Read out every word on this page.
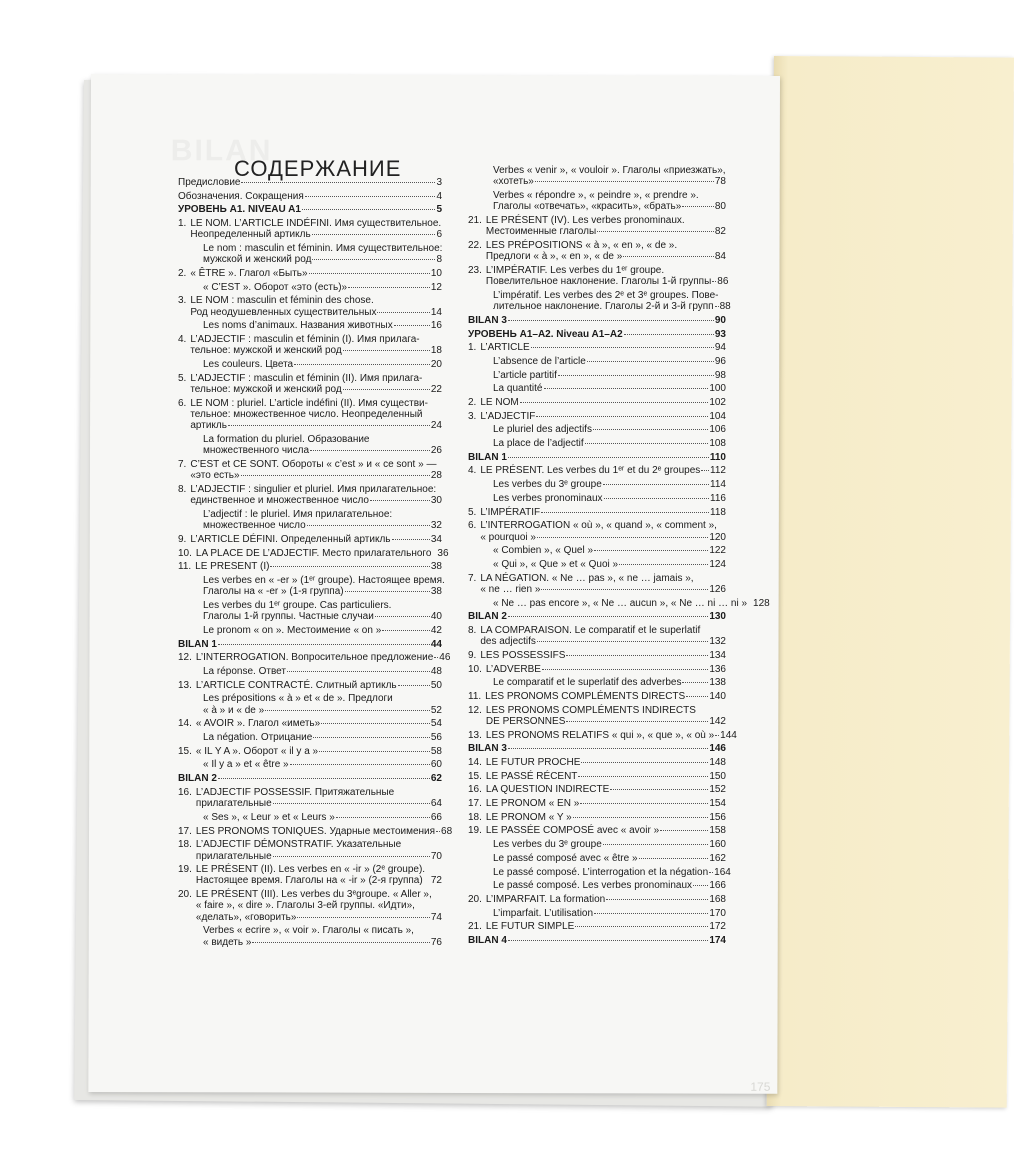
BILAN
175
СОДЕРЖАНИЕ
Предисловие	3
Обозначения. Сокращения	4
УРОВЕНЬ А1. NIVEAU A1	5
1. LE NOM. L’ARTICLE INDÉFINI. Имя существительное.
Неопределенный артикль	6
Le nom : masculin et féminin. Имя существительное:
мужской и женский род	8
2. « ÊTRE ». Глагол «Быть»	10
« C’EST ». Оборот «это (есть)»	12
3. LE NOM : masculin et féminin des chose.
Род неодушевленных существительных	14
Les noms d’animaux. Названия животных	16
4. L’ADJECTIF : masculin et féminin (I). Имя прилага-
тельное: мужской и женский род	18
Les couleurs. Цвета	20
5. L’ADJECTIF : masculin et féminin (II). Имя прилага-
тельное: мужской и женский род	22
6. LE NOM : pluriel. L’article indéfini (II). Имя существи-
тельное: множественное число. Неопределенный
артикль	24
La formation du pluriel. Образование
множественного числа	26
7. C’EST et CE SONT. Обороты « c’est » и « ce sont » —
«это есть»	28
8. L’ADJECTIF : singulier et pluriel. Имя прилагательное:
единственное и множественное число	30
L’adjectif : le pluriel. Имя прилагательное:
множественное число	32
9. L’ARTICLE DÉFINI. Определенный артикль	34
10. LA PLACE DE L’ADJECTIF. Место прилагательного 36
11. LE PRESENT (I)	38
Les verbes en « -er » (1ᵉʳ groupe). Настоящее время.
Глаголы на « -er » (1-я группа)	38
Les verbes du 1ᵉʳ groupe. Cas particuliers.
Глаголы 1-й группы. Частные случаи	40
Le pronom « on ». Местоимение « on »	42
BILAN 1	44
12. L’INTERROGATION. Вопросительное предложение 46
La réponse. Ответ	48
13. L’ARTICLE CONTRACTÉ. Слитный артикль	50
Les prépositions « à » et « de ». Предлоги
« à » и « de »	52
14. « AVOIR ». Глагол «иметь»	54
La négation. Отрицание	56
15. « IL Y A ». Оборот « il y a »	58
« Il y a » et « être »	60
BILAN 2	62
16. L’ADJECTIF POSSESSIF. Притяжательные
прилагательные	64
« Ses », « Leur » et « Leurs »	66
17. LES PRONOMS TONIQUES. Ударные местоимения 68
18. L’ADJECTIF DÉMONSTRATIF. Указательные
прилагательные	70
19. LE PRÉSENT (II). Les verbes en « -ir » (2ᵉ groupe).
Настоящее время. Глаголы на « -ir » (2-я группа) 72
20. LE PRÉSENT (III). Les verbes du 3ᵉgroupe. « Aller »,
« faire », « dire ». Глаголы 3-ей группы. «Идти»,
«делать», «говорить»	74
Verbes « ecrire », « voir ». Глаголы « писать »,
« видеть »	76
Verbes « venir », « vouloir ». Глаголы «приезжать»,
«хотеть»	78
Verbes « répondre », « peindre », « prendre ».
Глаголы «отвечать», «красить», «брать»	80
21. LE PRÉSENT (IV). Les verbes pronominaux.
Местоименные глаголы	82
22. LES PRÉPOSITIONS « à », « en », « de ».
Предлоги « à », « en », « de »	84
23. L’IMPÉRATIF. Les verbes du 1ᵉʳ groupe.
Повелительное наклонение. Глаголы 1-й группы 86
L’impératif. Les verbes des 2ᵉ et 3ᵉ groupes. Пове-
лительное наклонение. Глаголы 2-й и 3-й групп 88
BILAN 3	90
УРОВЕНЬ A1–A2. Niveau A1–A2	93
1. L’ARTICLE	94
L’absence de l’article	96
L’article partitif	98
La quantité	100
2. LE NOM	102
3. L’ADJECTIF	104
Le pluriel des adjectifs	106
La place de l’adjectif	108
BILAN 1	110
4. LE PRÉSENT. Les verbes du 1ᵉʳ et du 2ᵉ groupes 112
Les verbes du 3ᵉ groupe	114
Les verbes pronominaux	116
5. L’IMPÉRATIF	118
6. L’INTERROGATION « où », « quand », « comment »,
« pourquoi »	120
« Combien », « Quel »	122
« Qui », « Que » et « Quoi »	124
7. LA NÉGATION. « Ne … pas », « ne … jamais »,
« ne … rien »	126
« Ne … pas encore », « Ne … aucun », « Ne … ni … ni » 128
BILAN 2	130
8. LA COMPARAISON. Le comparatif et le superlatif
des adjectifs	132
9. LES POSSESSIFS	134
10. L’ADVERBE	136
Le comparatif et le superlatif des adverbes	138
11. LES PRONOMS COMPLÉMENTS DIRECTS 140
12. LES PRONOMS COMPLÉMENTS INDIRECTS
DE PERSONNES	142
13. LES PRONOMS RELATIFS « qui », « que », « où » 144
BILAN 3	146
14. LE FUTUR PROCHE	148
15. LE PASSÉ RÉCENT	150
16. LA QUESTION INDIRECTE	152
17. LE PRONOM « EN »	154
18. LE PRONOM « Y »	156
19. LE PASSÉE COMPOSÉ avec « avoir »	158
Les verbes du 3ᵉ groupe	160
Le passé composé avec « être »	162
Le passé composé. L’interrogation et la négation 164
Le passé composé. Les verbes pronominaux 166
20. L’IMPARFAIT. La formation	168
L’imparfait. L’utilisation	170
21. LE FUTUR SIMPLE	172
BILAN 4	174
